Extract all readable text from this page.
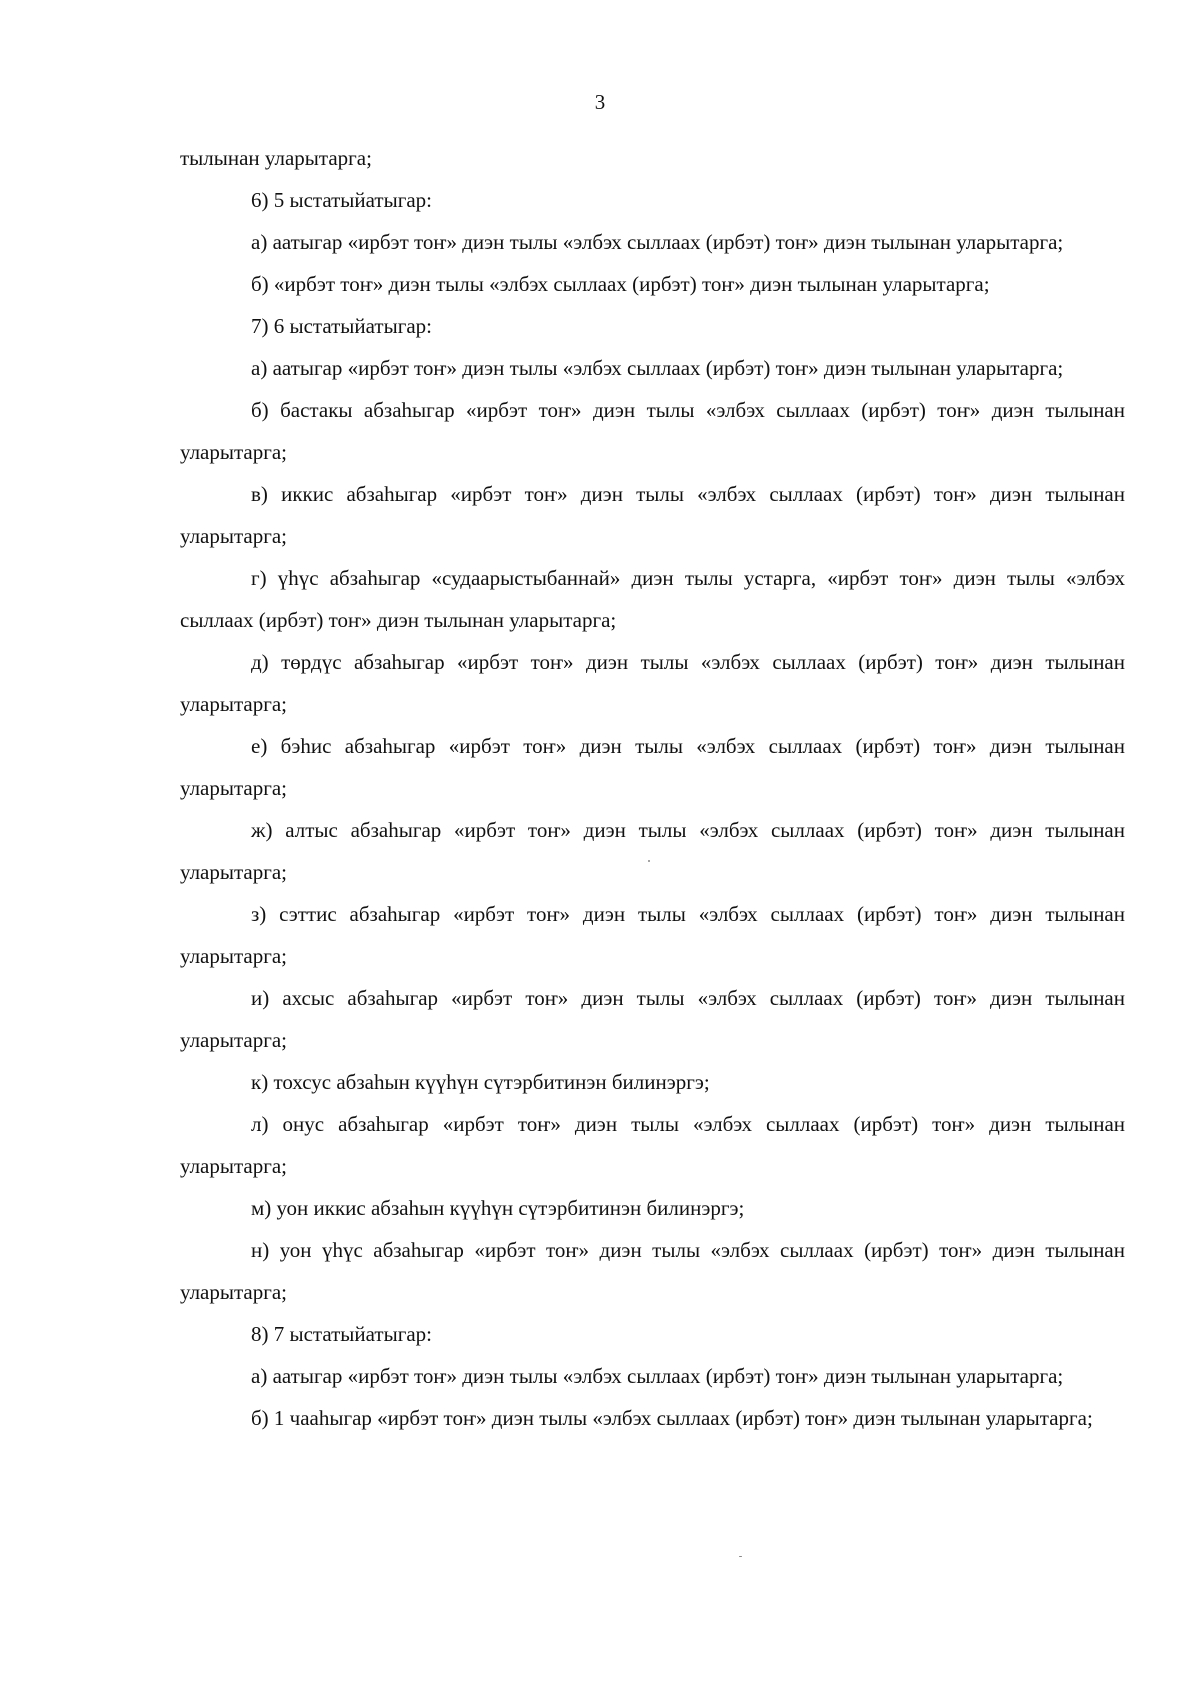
3

тылынан уларытарга;

6) 5 ыстатыйатыгар:

а) аатыгар «ирбэт тоҥ» диэн тылы «элбэх сыллаах (ирбэт) тоҥ» диэн тылынан уларытарга;

б) «ирбэт тоҥ» диэн тылы «элбэх сыллаах (ирбэт) тоҥ» диэн тылынан уларытарга;

7) 6 ыстатыйатыгар:

а) аатыгар «ирбэт тоҥ» диэн тылы «элбэх сыллаах (ирбэт) тоҥ» диэн тылынан уларытарга;

б) бастакы абзаһыгар «ирбэт тоҥ» диэн тылы «элбэх сыллаах (ирбэт) тоҥ» диэн тылынан уларытарга;

в) иккис абзаһыгар «ирбэт тоҥ» диэн тылы «элбэх сыллаах (ирбэт) тоҥ» диэн тылынан уларытарга;

г) үһүс абзаһыгар «судаарыстыбаннай» диэн тылы устарга, «ирбэт тоҥ» диэн тылы «элбэх сыллаах (ирбэт) тоҥ» диэн тылынан уларытарга;

д) төрдүс абзаһыгар «ирбэт тоҥ» диэн тылы «элбэх сыллаах (ирбэт) тоҥ» диэн тылынан уларытарга;

е) бэһис абзаһыгар «ирбэт тоҥ» диэн тылы «элбэх сыллаах (ирбэт) тоҥ» диэн тылынан уларытарга;

ж) алтыс абзаһыгар «ирбэт тоҥ» диэн тылы «элбэх сыллаах (ирбэт) тоҥ» диэн тылынан уларытарга;

з) сэттис абзаһыгар «ирбэт тоҥ» диэн тылы «элбэх сыллаах (ирбэт) тоҥ» диэн тылынан уларытарга;

и) ахсыс абзаһыгар «ирбэт тоҥ» диэн тылы «элбэх сыллаах (ирбэт) тоҥ» диэн тылынан уларытарга;

к) тохсус абзаһын күүһүн сүтэрбитинэн билинэргэ;

л) онус абзаһыгар «ирбэт тоҥ» диэн тылы «элбэх сыллаах (ирбэт) тоҥ» диэн тылынан уларытарга;

м) уон иккис абзаһын күүһүн сүтэрбитинэн билинэргэ;

н) уон үһүс абзаһыгар «ирбэт тоҥ» диэн тылы «элбэх сыллаах (ирбэт) тоҥ» диэн тылынан уларытарга;

8) 7 ыстатыйатыгар:

а) аатыгар «ирбэт тоҥ» диэн тылы «элбэх сыллаах (ирбэт) тоҥ» диэн тылынан уларытарга;

б) 1 чааһыгар «ирбэт тоҥ» диэн тылы «элбэх сыллаах (ирбэт) тоҥ» диэн тылынан уларытарга;
